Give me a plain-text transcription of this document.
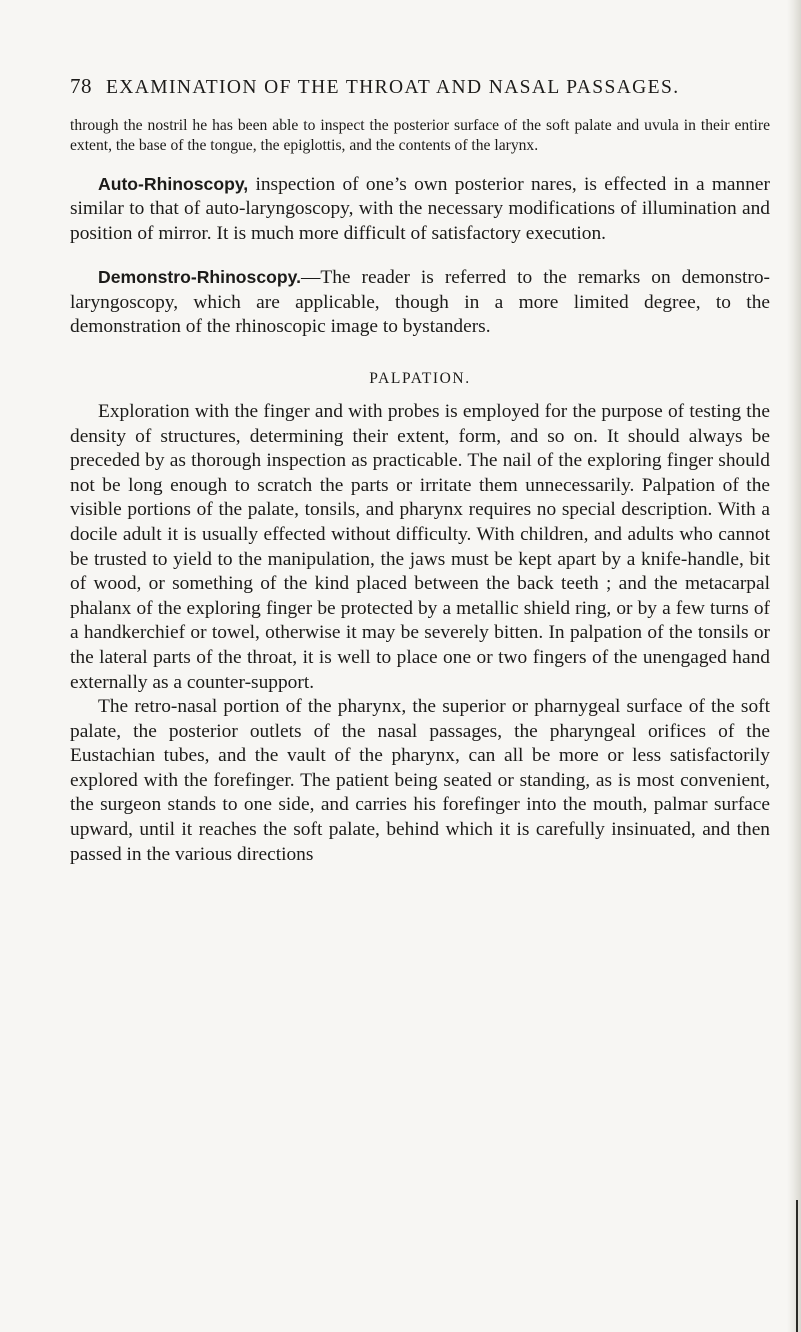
78 EXAMINATION OF THE THROAT AND NASAL PASSAGES.

through the nostril he has been able to inspect the posterior surface of the soft palate and uvula in their entire extent, the base of the tongue, the epiglottis, and the contents of the larynx.

Auto-Rhinoscopy, inspection of one’s own posterior nares, is effected in a manner similar to that of auto-laryngoscopy, with the necessary modifications of illumination and position of mirror. It is much more difficult of satisfactory execution.

Demonstro-Rhinoscopy.—The reader is referred to the remarks on demonstro-laryngoscopy, which are applicable, though in a more limited degree, to the demonstration of the rhinoscopic image to bystanders.

PALPATION.

Exploration with the finger and with probes is employed for the purpose of testing the density of structures, determining their extent, form, and so on. It should always be preceded by as thorough inspection as practicable. The nail of the exploring finger should not be long enough to scratch the parts or irritate them unnecessarily. Palpation of the visible portions of the palate, tonsils, and pharynx requires no special description. With a docile adult it is usually effected without difficulty. With children, and adults who cannot be trusted to yield to the manipulation, the jaws must be kept apart by a knife-handle, bit of wood, or something of the kind placed between the back teeth ; and the metacarpal phalanx of the exploring finger be protected by a metallic shield ring, or by a few turns of a handkerchief or towel, otherwise it may be severely bitten. In palpation of the tonsils or the lateral parts of the throat, it is well to place one or two fingers of the unengaged hand externally as a counter-support.

The retro-nasal portion of the pharynx, the superior or pharnygeal surface of the soft palate, the posterior outlets of the nasal passages, the pharyngeal orifices of the Eustachian tubes, and the vault of the pharynx, can all be more or less satisfactorily explored with the forefinger. The patient being seated or standing, as is most convenient, the surgeon stands to one side, and carries his forefinger into the mouth, palmar surface upward, until it reaches the soft palate, behind which it is carefully insinuated, and then passed in the various directions
